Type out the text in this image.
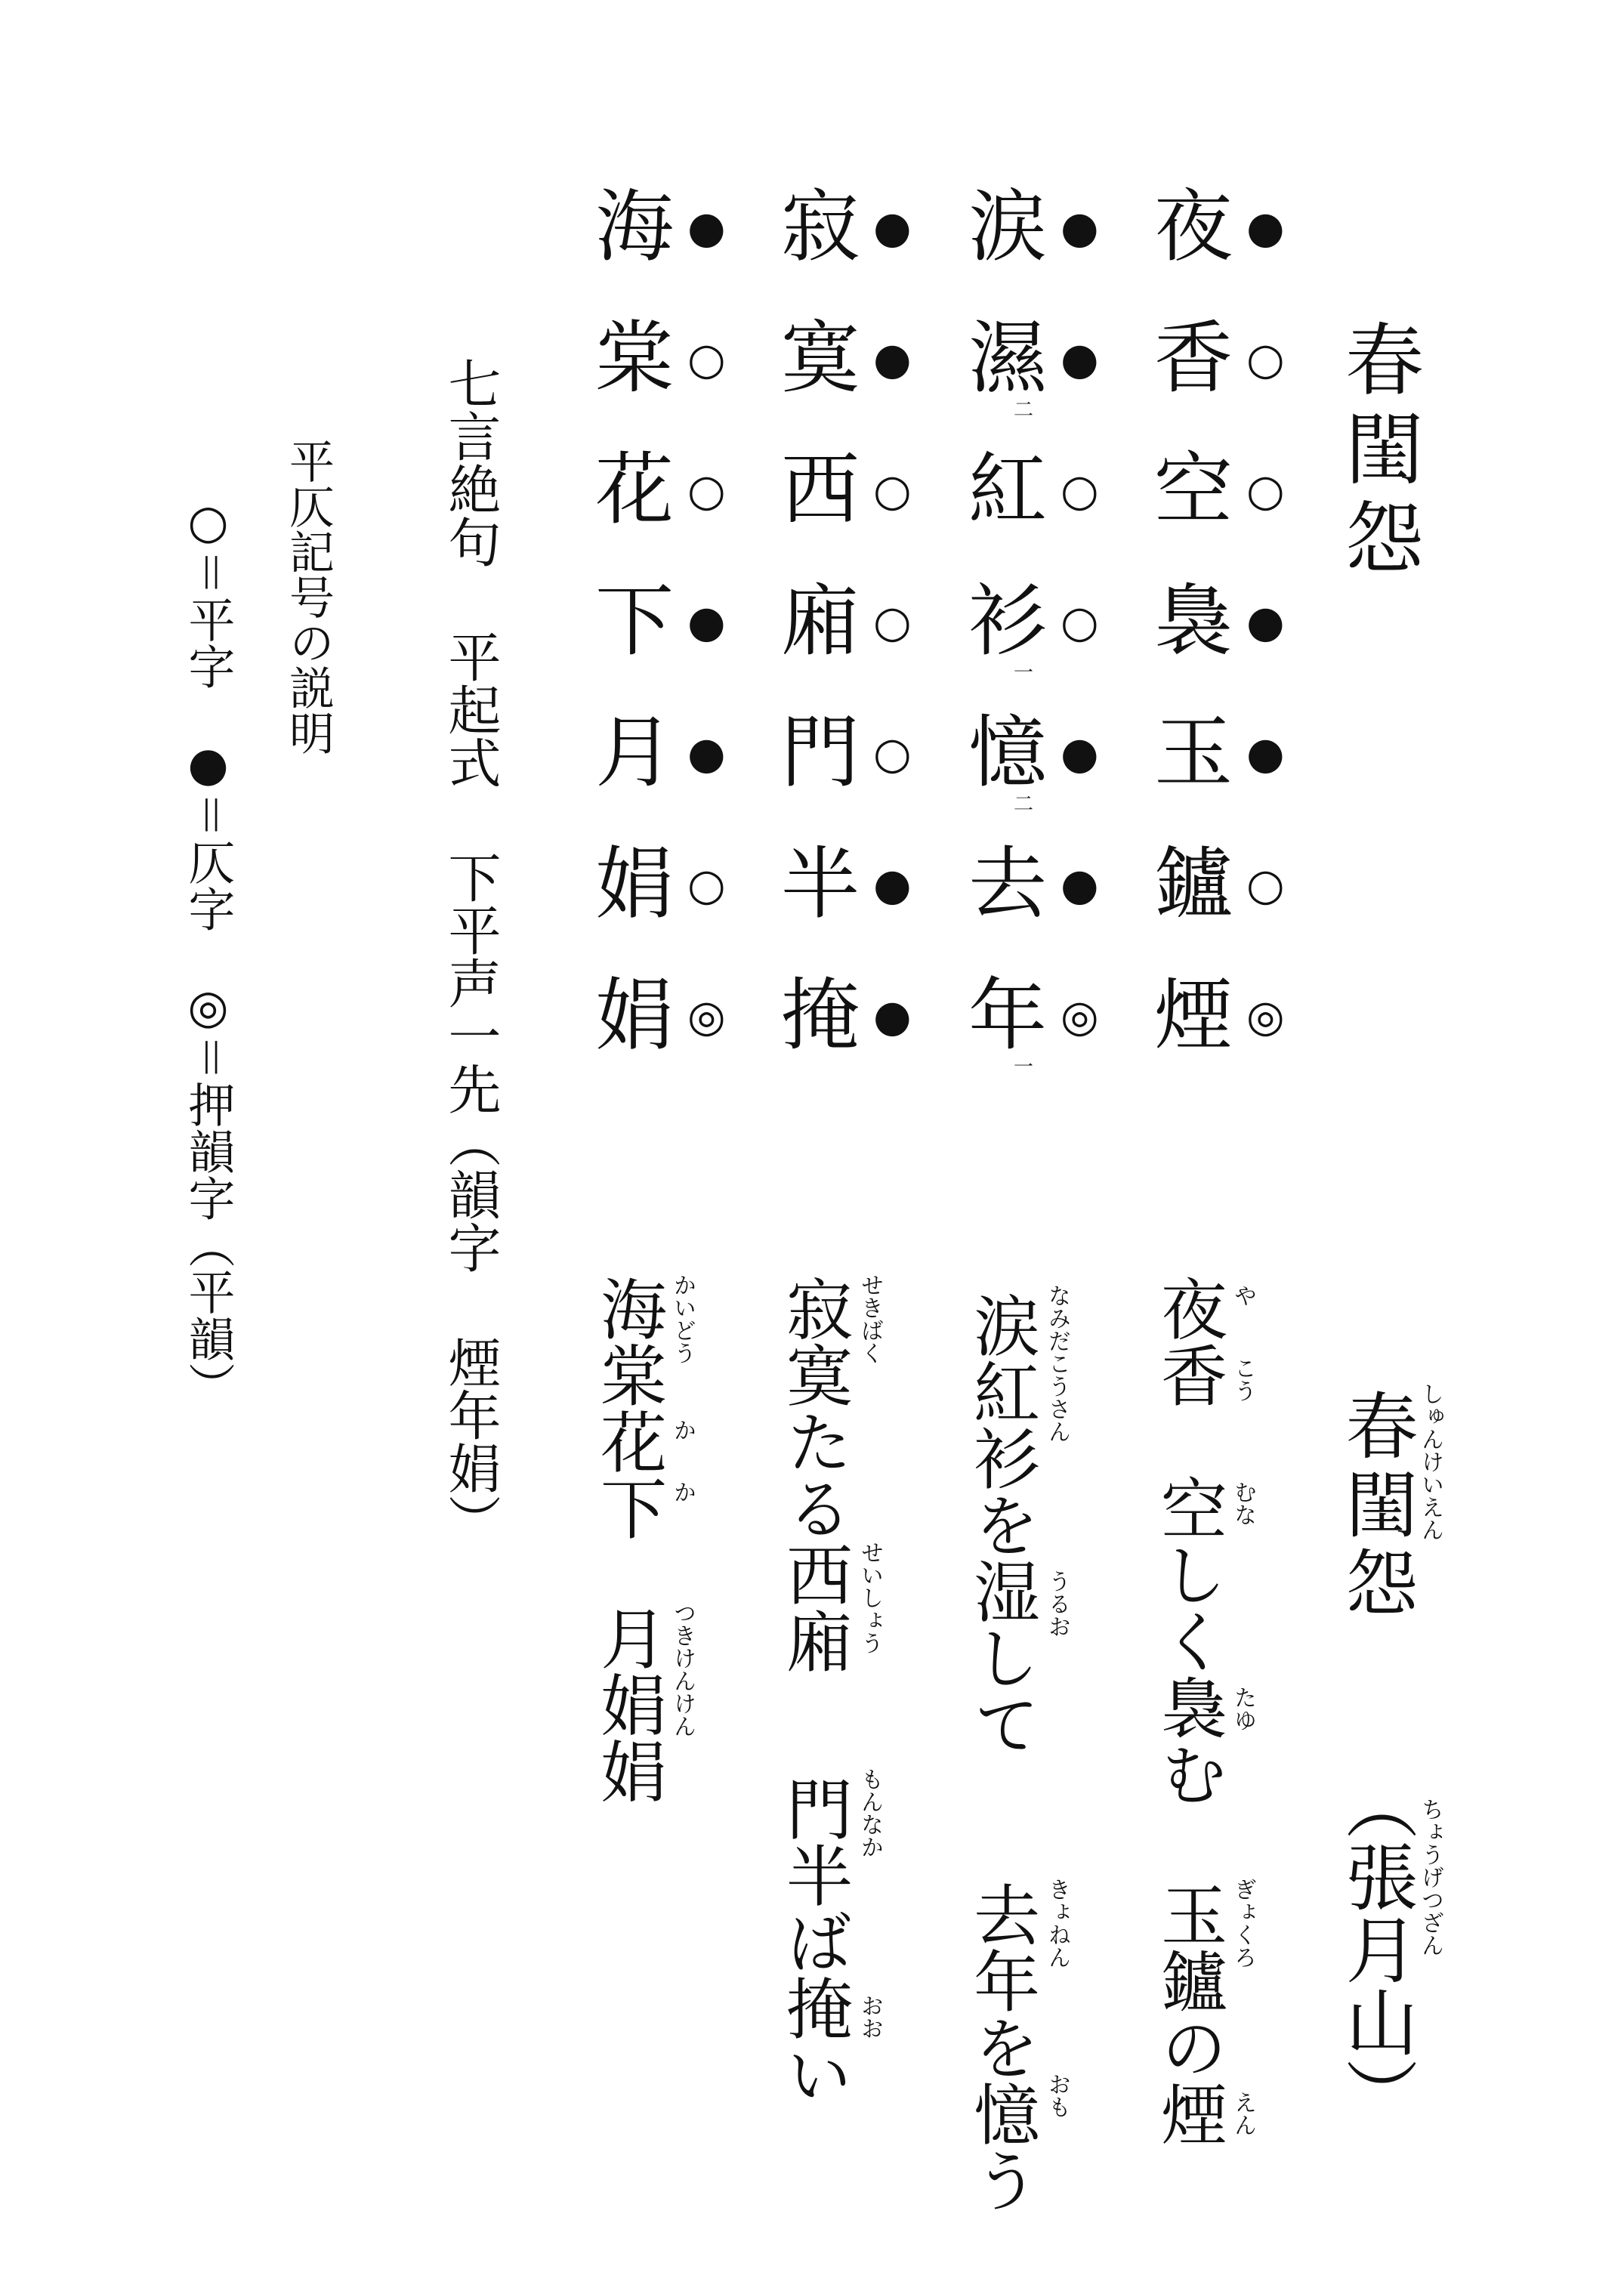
春閨怨
夜 ●
香 ○
空 ○
裊 ●
玉 ●
鑪 ○
煙 ◎
涙 ●
濕 ●
二
紅 ○
衫 ○
一
憶 ●
二
去 ●
年 ◎
一
寂 ●
寞 ●
西 ○
廂 ○
門 ○
半 ●
掩 ●
海 ●
棠 ○
花 ○
下 ●
月 ●
娟 ○
娟 ◎
七言絶句 平起式 下平声一先（韻字 煙年娟）
平仄記号の説明
○＝平字　●＝仄字　◎＝押韻字（平韻）
春閨怨
しゅんけいえん
（張月山）
ちょうげつざん
夜香　空しく裊む
玉鑪の煙
や
こう
むな
たゆ
ぎょくろ
えん
涙紅衫を湿して
去年を憶う
なみだこうさん
うるお
きょねん
おも
寂寞たる西廂
門半ば掩い
せきばく
せいしょう
もんなか
おお
海棠花下
月娟娟
かいどう
か
か
つきけんけん
